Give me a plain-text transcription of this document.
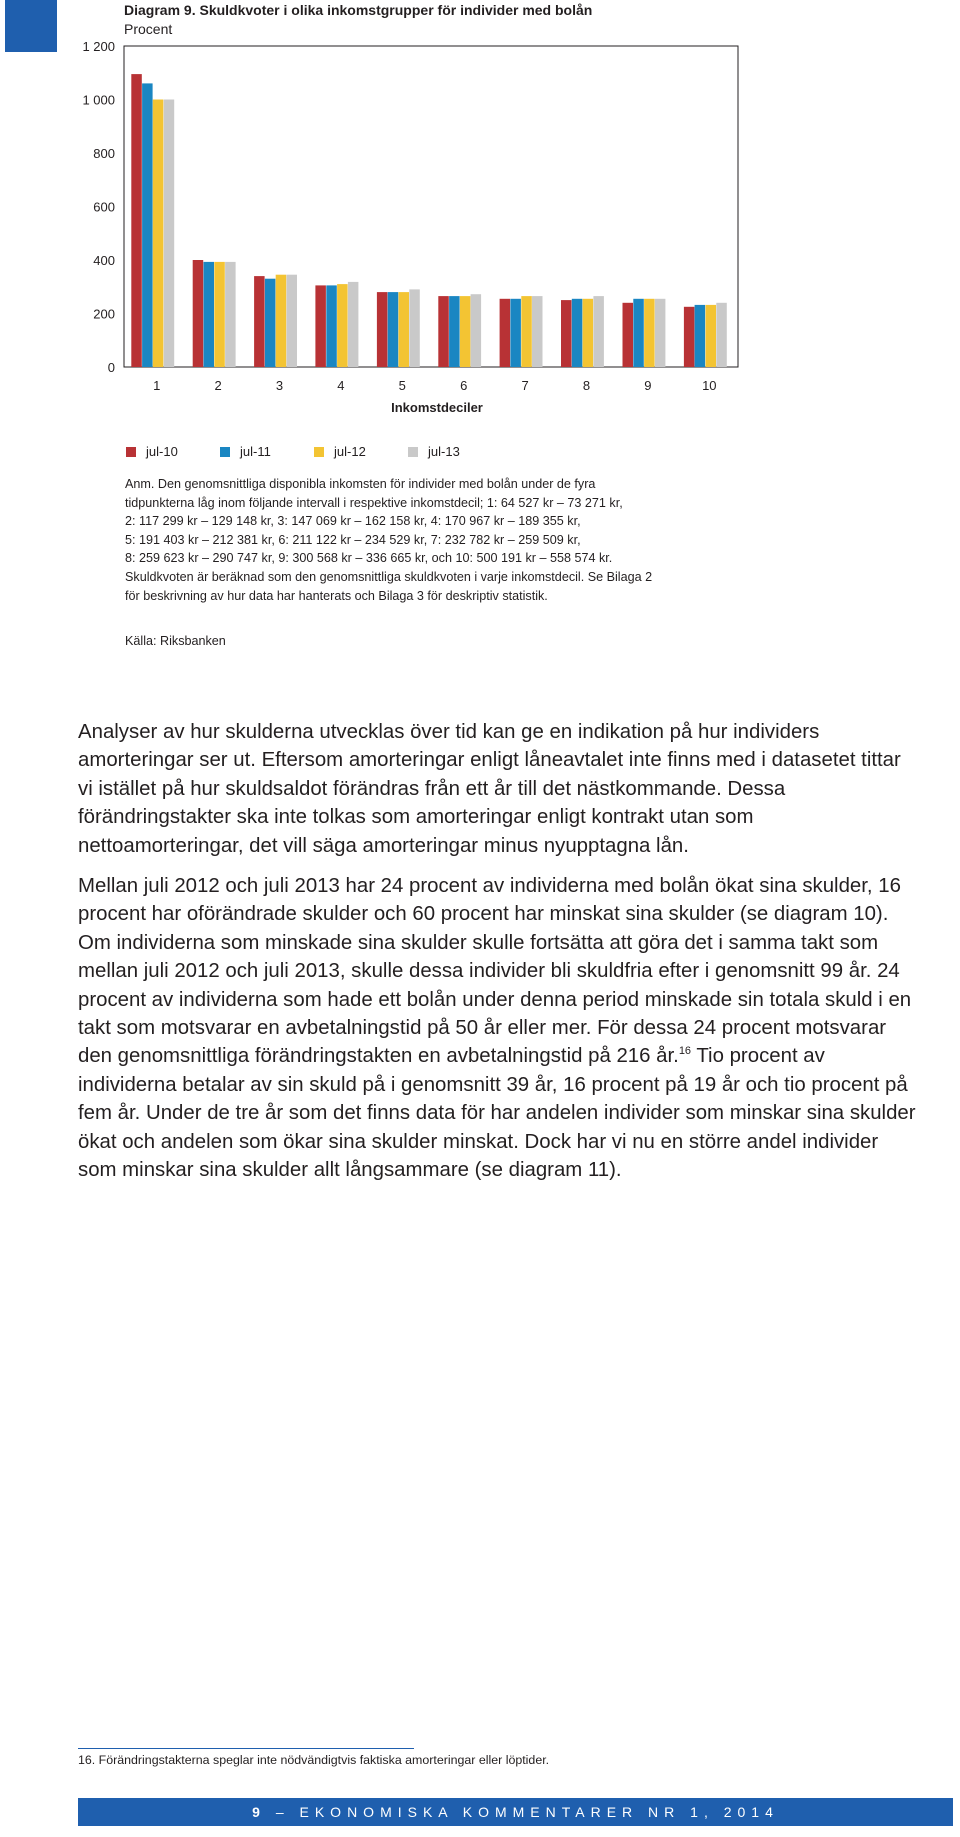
Diagram 9. Skuldkvoter i olika inkomstgrupper för individer med bolån
Procent
0
200
400
600
800
1 000
1 200
1	2	3	4	5	6	7	8	9	10
Inkomstdeciler
jul-10	jul-11	jul-12	jul-13
Anm. Den genomsnittliga disponibla inkomsten för individer med bolån under de fyra
tidpunkterna låg inom följande intervall i respektive inkomstdecil; 1: 64 527 kr – 73 271 kr,
2: 117 299 kr – 129 148 kr, 3: 147 069 kr – 162 158 kr, 4: 170 967 kr – 189 355 kr,
5: 191 403 kr – 212 381 kr, 6: 211 122 kr – 234 529 kr, 7: 232 782 kr – 259 509 kr,
8: 259 623 kr – 290 747 kr, 9: 300 568 kr – 336 665 kr, och 10: 500 191 kr – 558 574 kr.
Skuldkvoten är beräknad som den genomsnittliga skuldkvoten i varje inkomstdecil. Se Bilaga 2
för beskrivning av hur data har hanterats och Bilaga 3 för deskriptiv statistik.
Källa: Riksbanken

Analyser av hur skulderna utvecklas över tid kan ge en indikation på hur individers amorteringar ser ut. Eftersom amorteringar enligt låneavtalet inte finns med i datasetet tittar vi istället på hur skuldsaldot förändras från ett år till det nästkommande. Dessa förändringstakter ska inte tolkas som amorteringar enligt kontrakt utan som nettoamorteringar, det vill säga amorteringar minus nyupptagna lån.

Mellan juli 2012 och juli 2013 har 24 procent av individerna med bolån ökat sina skulder, 16 procent har oförändrade skulder och 60 procent har minskat sina skulder (se diagram 10). Om individerna som minskade sina skulder skulle fortsätta att göra det i samma takt som mellan juli 2012 och juli 2013, skulle dessa individer bli skuldfria efter i genomsnitt 99 år. 24 procent av individerna som hade ett bolån under denna period minskade sin totala skuld i en takt som motsvarar en avbetalningstid på 50 år eller mer. För dessa 24 procent motsvarar den genomsnittliga förändringstakten en avbetalningstid på 216 år.$^{16}$ Tio procent av individerna betalar av sin skuld på i genomsnitt 39 år, 16 procent på 19 år och tio procent på fem år. Under de tre år som det finns data för har andelen individer som minskar sina skulder ökat och andelen som ökar sina skulder minskat. Dock har vi nu en större andel individer som minskar sina skulder allt långsammare (se diagram 11).

16. Förändringstakterna speglar inte nödvändigtvis faktiska amorteringar eller löptider.
9 – EKONOMISKA KOMMENTARER NR 1, 2014
